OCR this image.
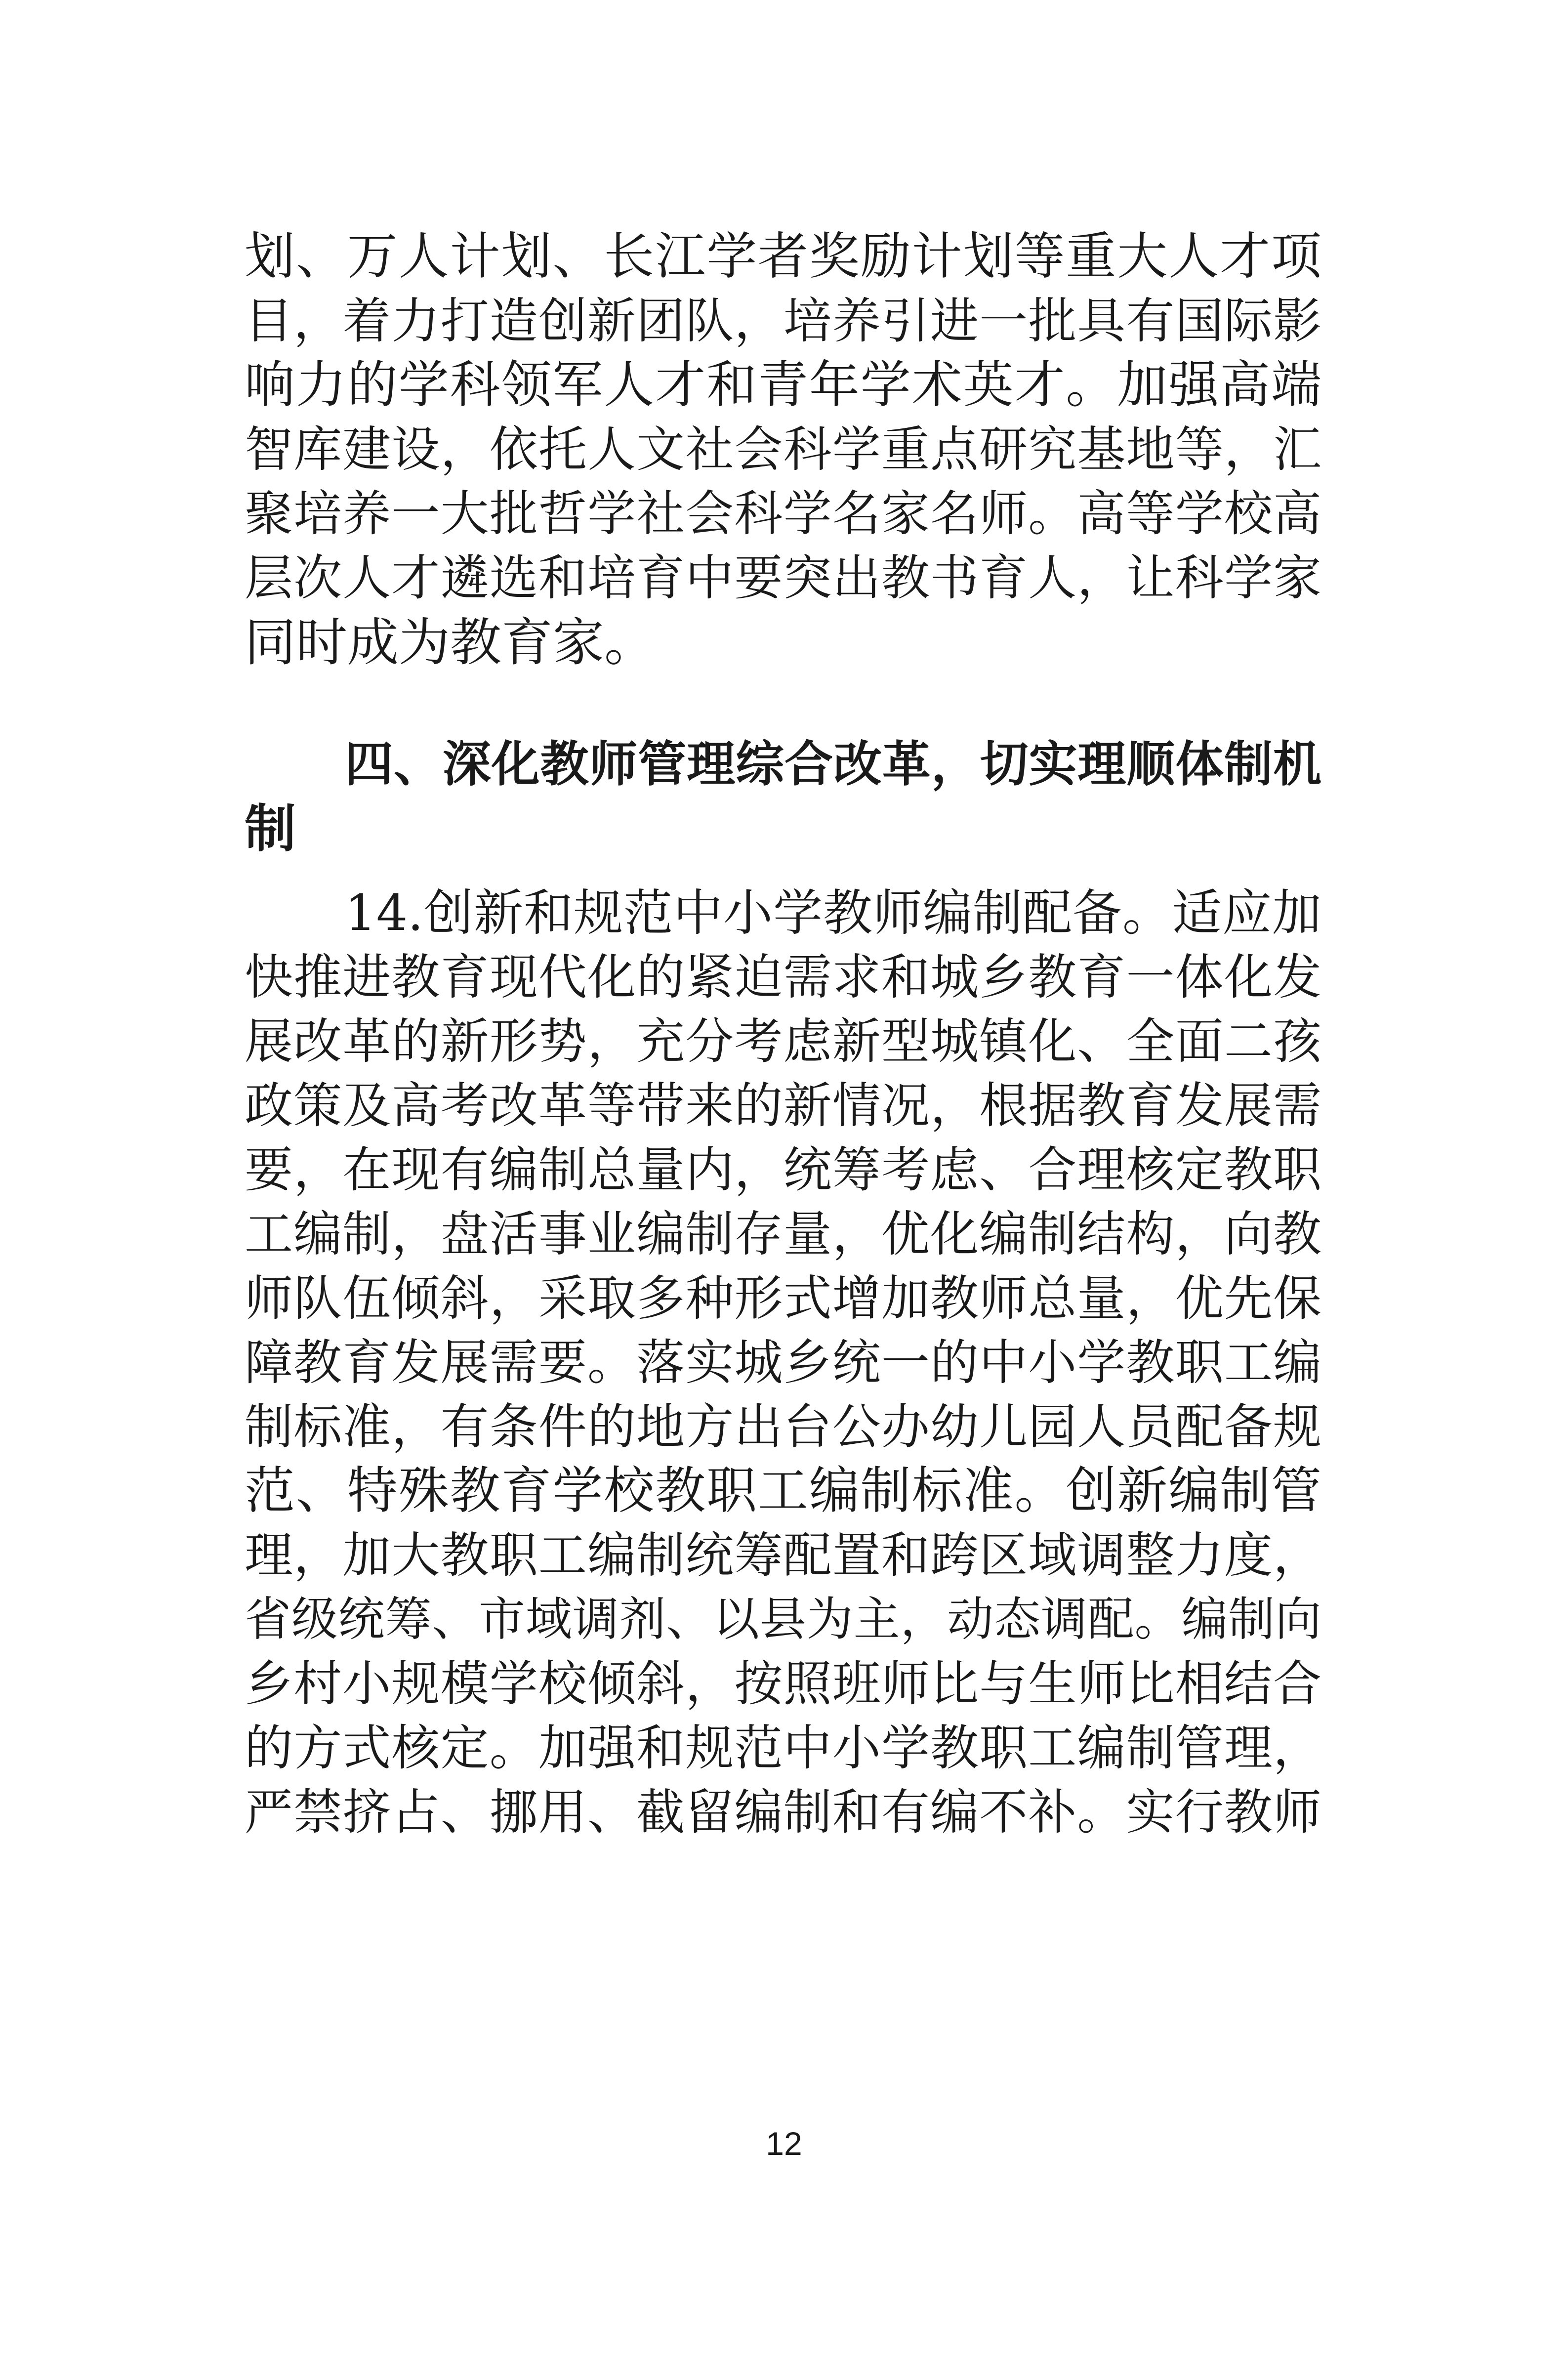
划、万人计划、长江学者奖励计划等重大人才项
目，着力打造创新团队，培养引进一批具有国际影
响力的学科领军人才和青年学术英才。加强高端
智库建设，依托人文社会科学重点研究基地等，汇
聚培养一大批哲学社会科学名家名师。高等学校高
层次人才遴选和培育中要突出教书育人，让科学家
同时成为教育家。
四、深化教师管理综合改革，切实理顺体制机
制
14.创新和规范中小学教师编制配备。适应加
快推进教育现代化的紧迫需求和城乡教育一体化发
展改革的新形势，充分考虑新型城镇化、全面二孩
政策及高考改革等带来的新情况，根据教育发展需
要，在现有编制总量内，统筹考虑、合理核定教职
工编制，盘活事业编制存量，优化编制结构，向教
师队伍倾斜，采取多种形式增加教师总量，优先保
障教育发展需要。落实城乡统一的中小学教职工编
制标准，有条件的地方出台公办幼儿园人员配备规
范、特殊教育学校教职工编制标准。创新编制管
理，加大教职工编制统筹配置和跨区域调整力度，
省级统筹、市域调剂、以县为主，动态调配。编制向
乡村小规模学校倾斜，按照班师比与生师比相结合
的方式核定。加强和规范中小学教职工编制管理，
严禁挤占、挪用、截留编制和有编不补。实行教师
12
